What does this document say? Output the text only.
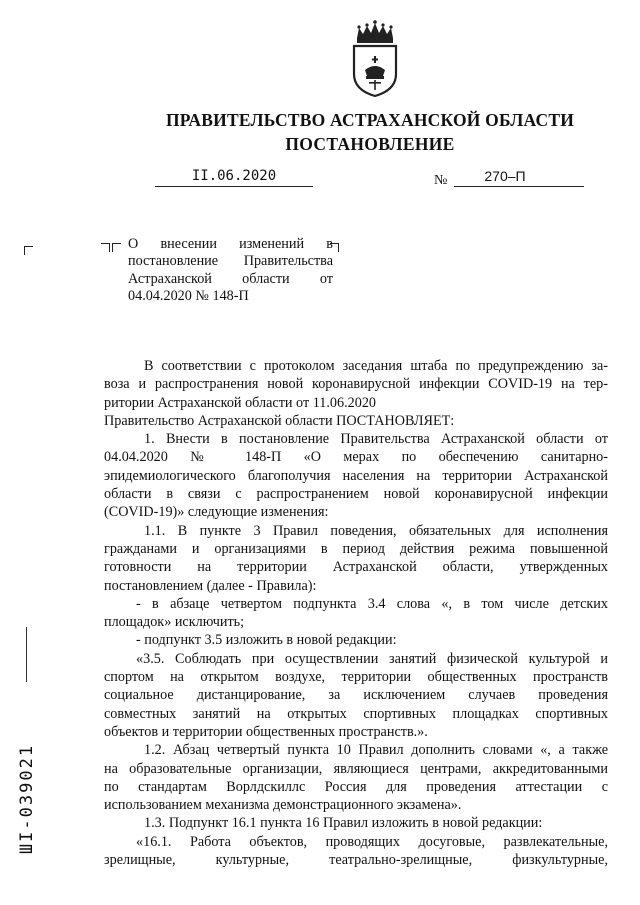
ПРАВИТЕЛЬСТВО АСТРАХАНСКОЙ ОБЛАСТИ
ПОСТАНОВЛЕНИЕ
II.06.2020	№	270–П
О внесении изменений в постановление Правительства Астраханской области от 04.04.2020 № 148-П

В соответствии с протоколом заседания штаба по предупреждению за-

воза и распространения новой коронавирусной инфекции COVID-19 на тер-

ритории Астраханской области от 11.06.2020

Правительство Астраханской области ПОСТАНОВЛЯЕТ:

1. Внести в постановление Правительства Астраханской области от

04.04.2020 № 148-П «О мерах по обеспечению санитарно-

эпидемиологического благополучия населения на территории Астраханской

области в связи с распространением новой коронавирусной инфекции

(COVID-19)» следующие изменения:

1.1. В пункте 3 Правил поведения, обязательных для исполнения

гражданами и организациями в период действия режима повышенной

готовности на территории Астраханской области, утвержденных

постановлением (далее - Правила):

- в абзаце четвертом подпункта 3.4 слова «, в том числе детских

площадок» исключить;

- подпункт 3.5 изложить в новой редакции:

«3.5. Соблюдать при осуществлении занятий физической культурой и

спортом на открытом воздухе, территории общественных пространств

социальное дистанцирование, за исключением случаев проведения

совместных занятий на открытых спортивных площадках спортивных

объектов и территории общественных пространств.».

1.2. Абзац четвертый пункта 10 Правил дополнить словами «, а также

на образовательные организации, являющиеся центрами, аккредитованными

по стандартам Ворлдскиллс Россия для проведения аттестации с

использованием механизма демонстрационного экзамена».

1.3. Подпункт 16.1 пункта 16 Правил изложить в новой редакции:

«16.1. Работа объектов, проводящих досуговые, развлекательные,

зрелищные, культурные, театрально-зрелищные, физкультурные,

ШI-039021
